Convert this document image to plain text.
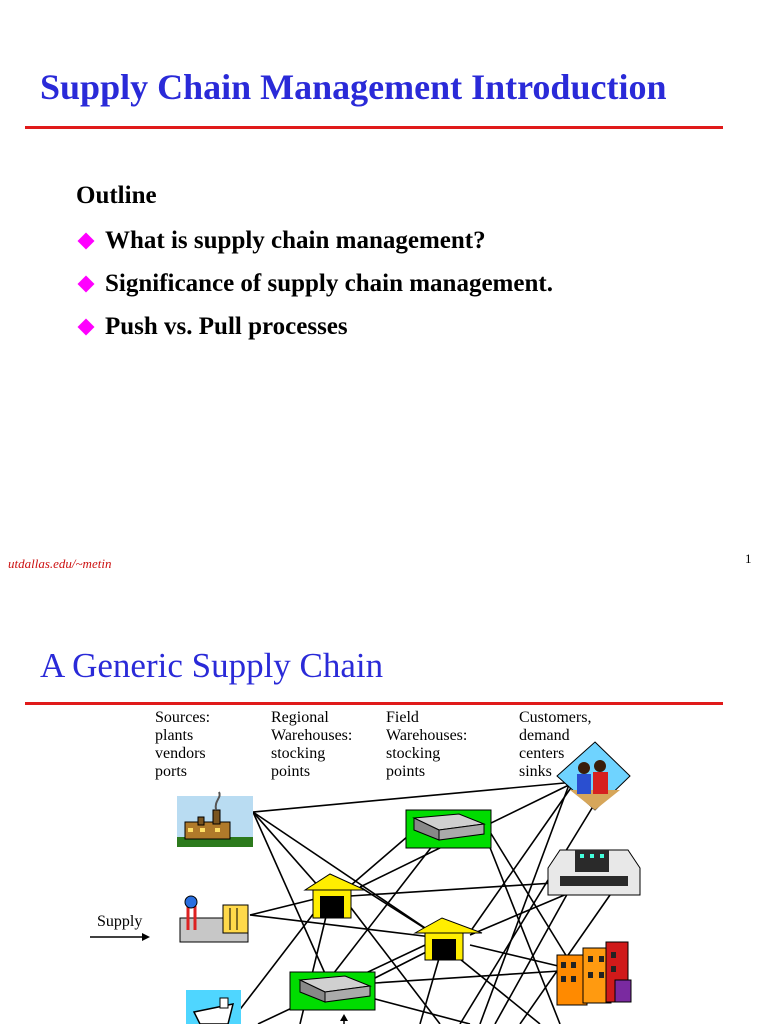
Supply Chain Management Introduction
Outline
What is supply chain management?
Significance of supply chain management.
Push vs. Pull processes
utdallas.edu/~metin	1
A Generic Supply Chain
Sources:
plants
vendors
ports
Regional
Warehouses:
stocking
points
Field
Warehouses:
stocking
points
Customers,
demand
centers
sinks
Supply
